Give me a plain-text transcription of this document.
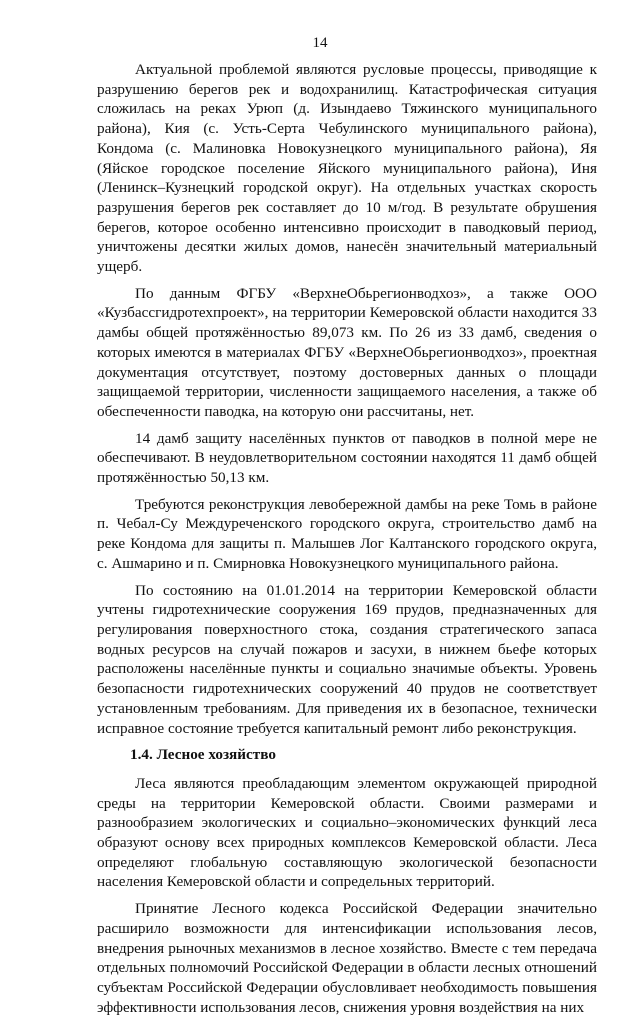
14

Актуальной проблемой являются русловые процессы, приводящие к разрушению берегов рек и водохранилищ. Катастрофическая ситуация сложилась на реках Урюп (д. Изындаево Тяжинского муниципального района), Кия (с. Усть-Серта Чебулинского муниципального района), Кондома (с. Малиновка Новокузнецкого муниципального района), Яя (Яйское городское поселение Яйского муниципального района), Иня (Ленинск–Кузнецкий городской округ). На отдельных участках скорость разрушения берегов рек составляет до 10 м/год. В результате обрушения берегов, которое особенно интенсивно происходит в паводковый период, уничтожены десятки жилых домов, нанесён значительный материальный ущерб.

По данным ФГБУ «ВерхнеОбьрегионводхоз», а также ООО «Кузбассгидротехпроект», на территории Кемеровской области находится 33 дамбы общей протяжённостью 89,073 км. По 26 из 33 дамб, сведения о которых имеются в материалах ФГБУ «ВерхнеОбьрегионводхоз», проектная документация отсутствует, поэтому достоверных данных о площади защищаемой территории, численности защищаемого населения, а также об обеспеченности паводка, на которую они рассчитаны, нет.

14 дамб защиту населённых пунктов от паводков в полной мере не обеспечивают. В неудовлетворительном состоянии находятся 11 дамб общей протяжённостью 50,13 км.

Требуются реконструкция левобережной дамбы на реке Томь в районе п. Чебал-Су Междуреченского городского округа, строительство дамб на реке Кондома для защиты п. Малышев Лог Калтанского городского округа, с. Ашмарино и п. Смирновка Новокузнецкого муниципального района.

По состоянию на 01.01.2014 на территории Кемеровской области учтены гидротехнические сооружения 169 прудов, предназначенных для регулирования поверхностного стока, создания стратегического запаса водных ресурсов на случай пожаров и засухи, в нижнем бьефе которых расположены населённые пункты и социально значимые объекты. Уровень безопасности гидротехнических сооружений 40 прудов не соответствует установленным требованиям. Для приведения их в безопасное, технически исправное состояние требуется капитальный ремонт либо реконструкция.

1.4. Лесное хозяйство

Леса являются преобладающим элементом окружающей природной среды на территории Кемеровской области. Своими размерами и разнообразием экологических и социально–экономических функций леса образуют основу всех природных комплексов Кемеровской области. Леса определяют глобальную составляющую экологической безопасности населения Кемеровской области и сопредельных территорий.

Принятие Лесного кодекса Российской Федерации значительно расширило возможности для интенсификации использования лесов, внедрения рыночных механизмов в лесное хозяйство. Вместе с тем передача отдельных полномочий Российской Федерации в области лесных отношений субъектам Российской Федерации обусловливает необходимость повышения эффективности использования лесов, снижения уровня воздействия на них
